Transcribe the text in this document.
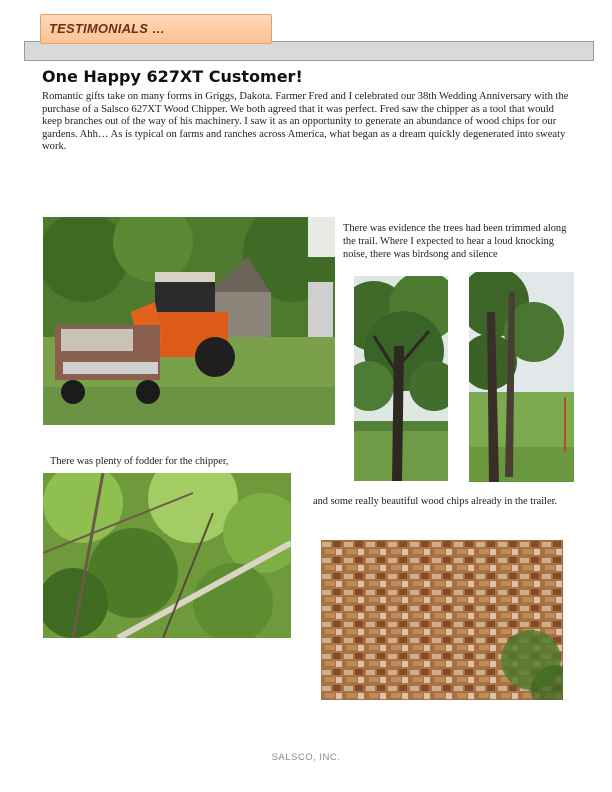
TESTIMONIALS …
One Happy 627XT Customer!

Romantic gifts take on many forms in Griggs, Dakota. Farmer Fred and I celebrated our 38th Wedding Anniversary with the purchase of a Salsco 627XT Wood Chipper. We both agreed that it was perfect. Fred saw the chipper as a tool that would keep branches out of the way of his machinery. I saw it as an opportunity to generate an abundance of wood chips for our gardens. Ahh… As is typical on farms and ranches across America, what began as a dream quickly degenerated into sweaty work.

There was evidence the trees had been trimmed along the trail. Where I expected to hear a loud knocking noise, there was birdsong and silence

There was plenty of fodder for the chipper,

and some really beautiful wood chips already in the trailer.

SALSCO, INC.
